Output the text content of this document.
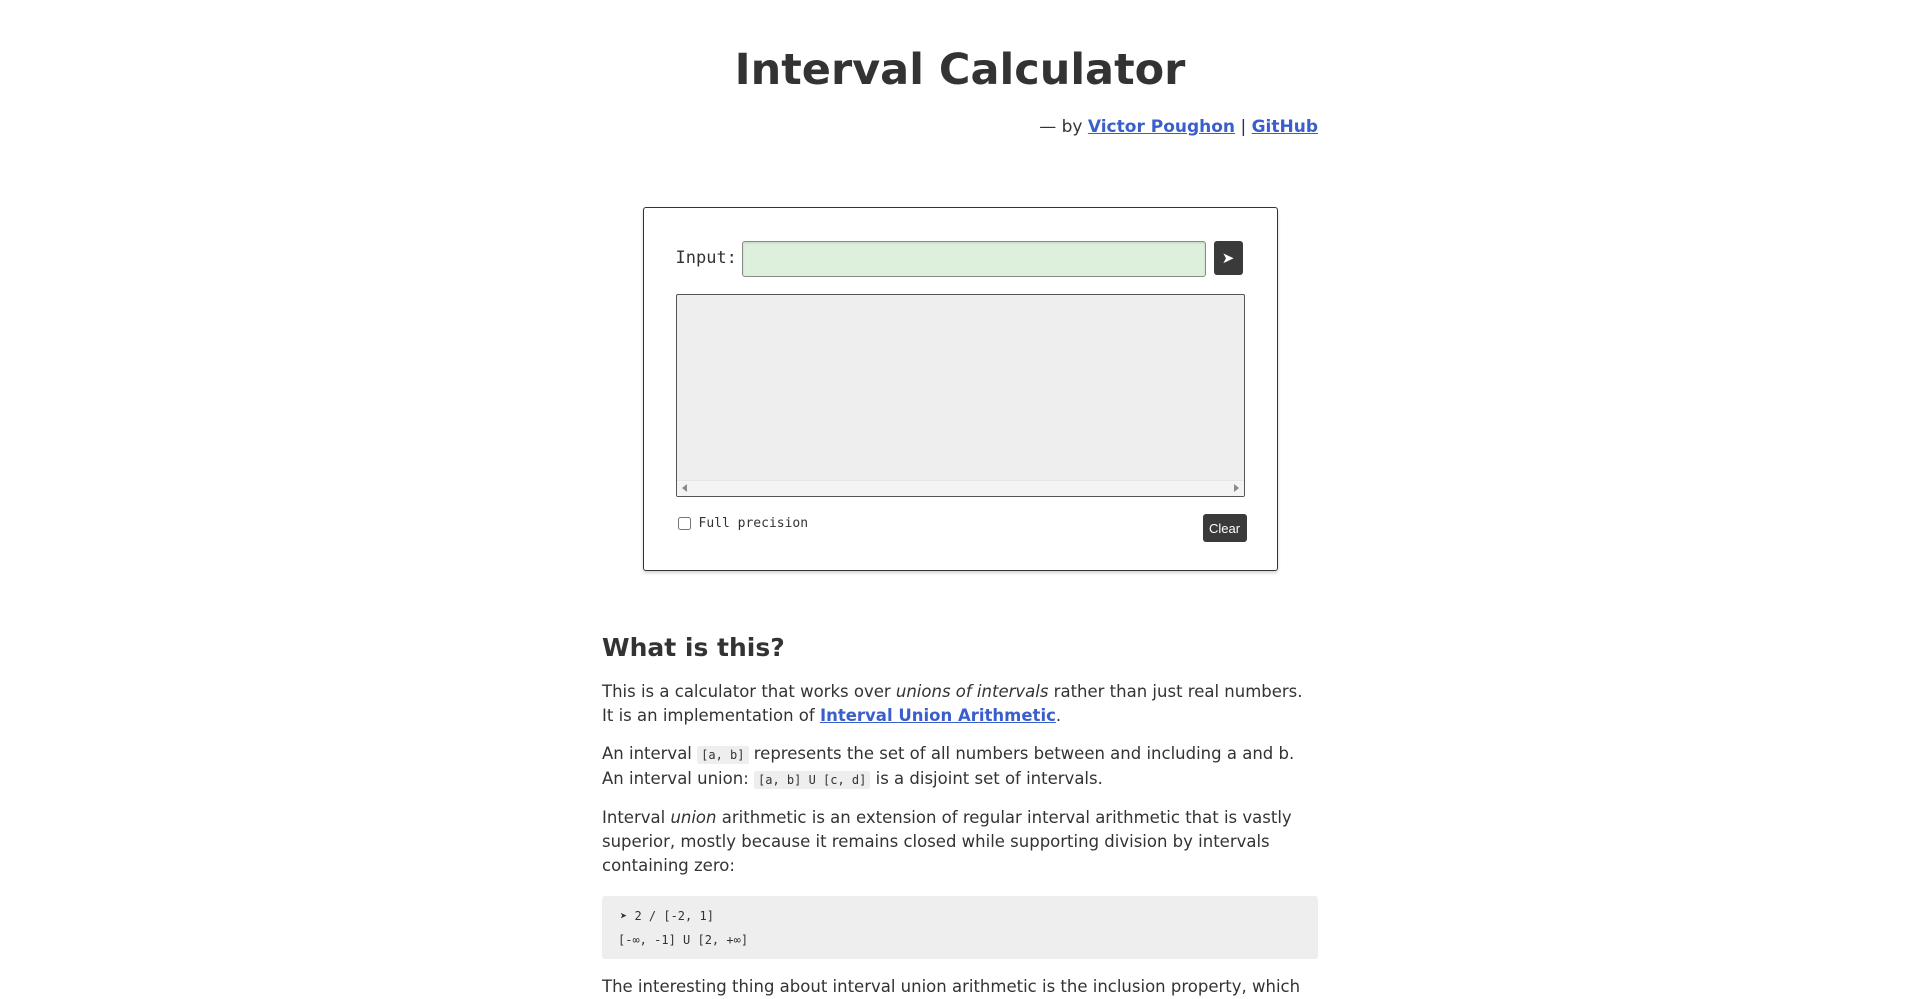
Interval Calculator
— by Victor Poughon | GitHub
Input:	➤
Full precision	Clear
What is this?

This is a calculator that works over unions of intervals rather than just real numbers. It is an implementation of Interval Union Arithmetic.

An interval [a, b] represents the set of all numbers between and including a and b. An interval union: [a, b] U [c, d] is a disjoint set of intervals.

Interval union arithmetic is an extension of regular interval arithmetic that is vastly superior, mostly because it remains closed while supporting division by intervals containing zero:

➤ 2 / [-2, 1]
[-∞, -1] U [2, +∞]

The interesting thing about interval union arithmetic is the inclusion property, which
